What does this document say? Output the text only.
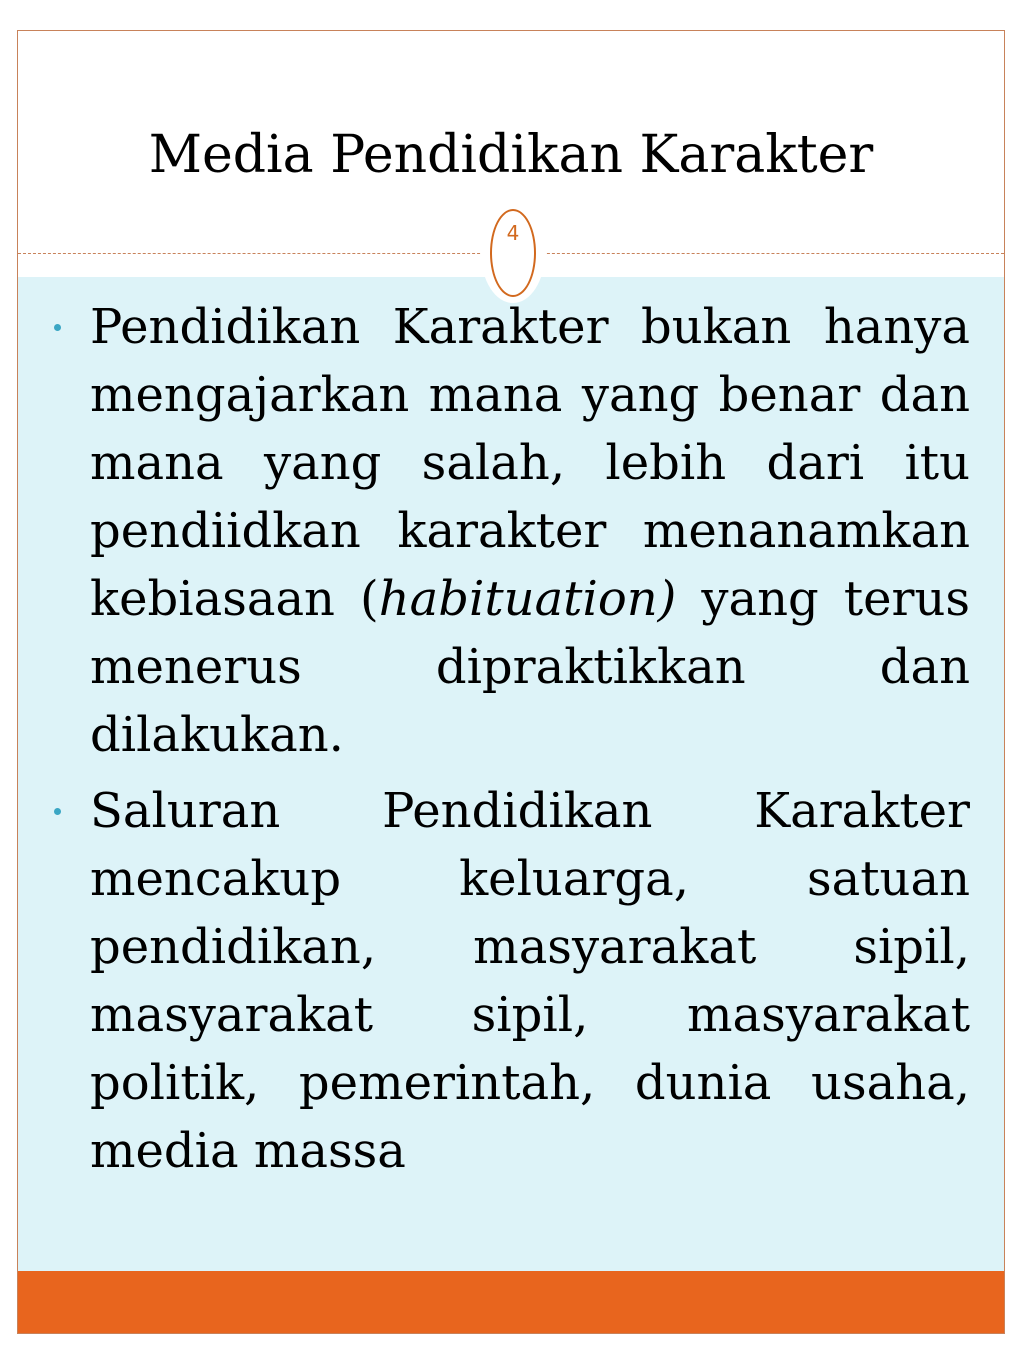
Media Pendidikan Karakter
4
Pendidikan Karakter bukan hanya mengajarkan mana yang benar dan mana yang salah, lebih dari itu pendiidkan karakter menanamkan kebiasaan (habituation) yang terus menerus dipraktikkan dan dilakukan.
Saluran Pendidikan Karakter mencakup keluarga, satuan pendidikan, masyarakat sipil, masyarakat sipil, masyarakat politik, pemerintah, dunia usaha, media massa
